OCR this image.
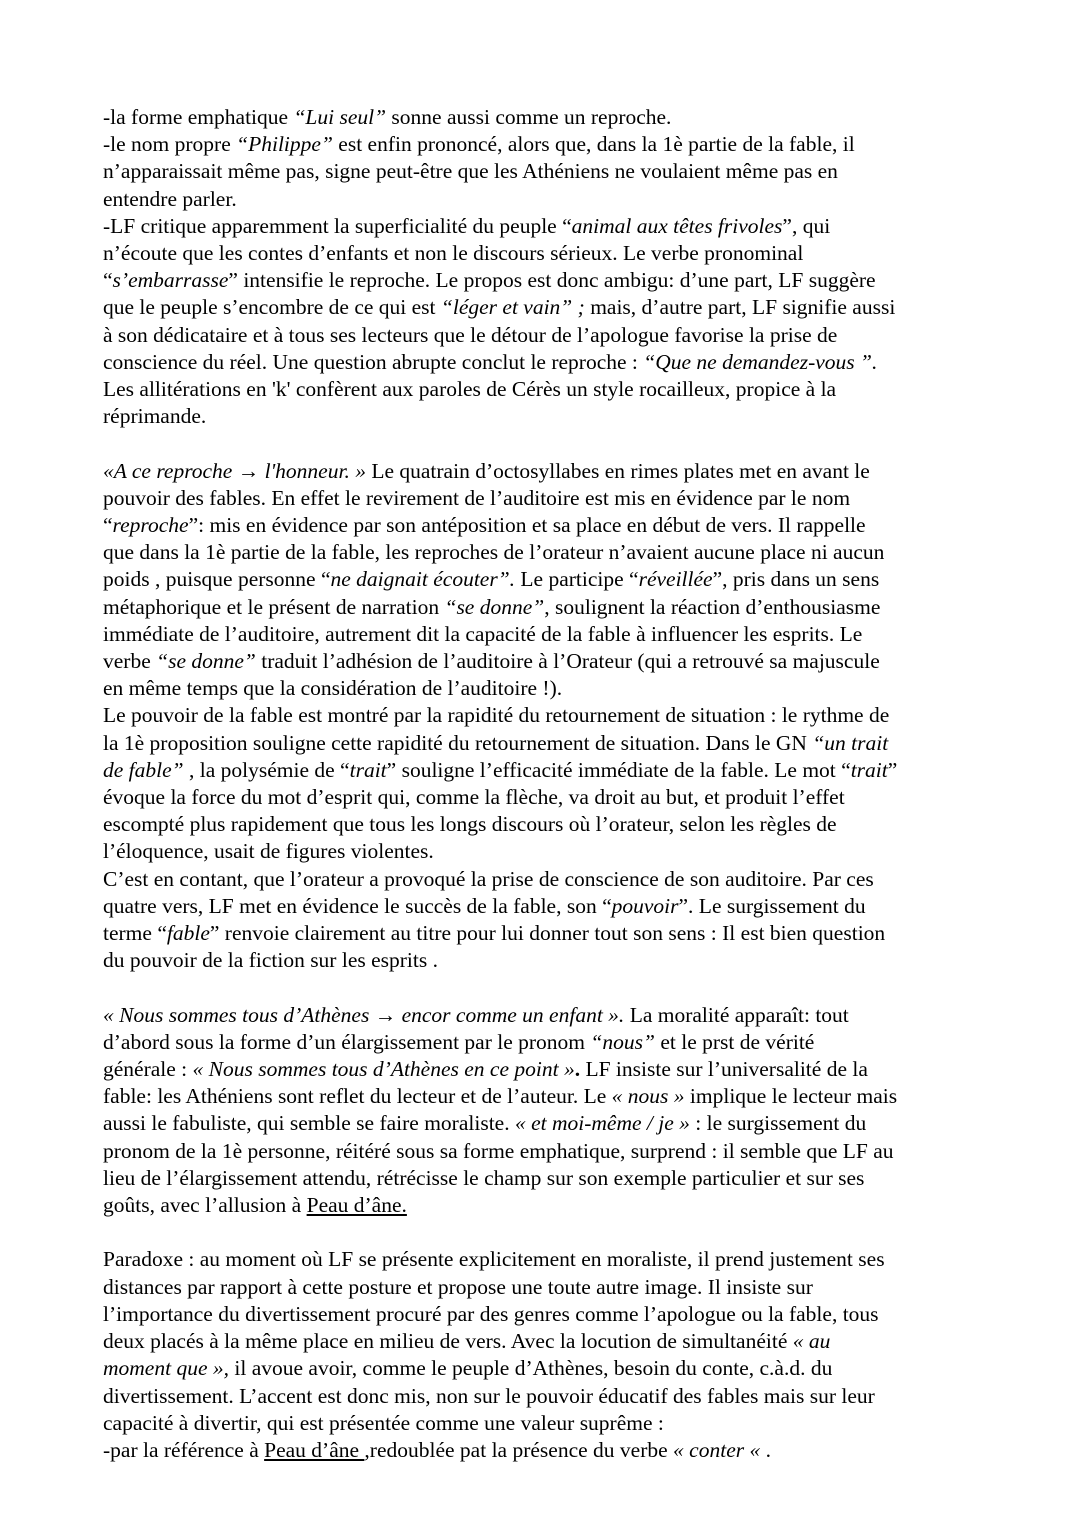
-la forme emphatique “Lui seul” sonne aussi comme un reproche.
-le nom propre “Philippe” est enfin prononcé, alors que, dans la 1è partie de la fable, il
n’apparaissait même pas, signe peut-être que les Athéniens ne voulaient même pas en
entendre parler.
-LF critique apparemment la superficialité du peuple “animal aux têtes frivoles”, qui
n’écoute que les contes d’enfants et non le discours sérieux. Le verbe pronominal
“s’embarrasse” intensifie le reproche. Le propos est donc ambigu: d’une part, LF suggère
que le peuple s’encombre de ce qui est “léger et vain” ; mais, d’autre part, LF signifie aussi
à son dédicataire et à tous ses lecteurs que le détour de l’apologue favorise la prise de
conscience du réel. Une question abrupte conclut le reproche : “Que ne demandez-vous ”.
Les allitérations en 'k' confèrent aux paroles de Cérès un style rocailleux, propice à la
réprimande.
«A ce reproche → l'honneur. » Le quatrain d’octosyllabes en rimes plates met en avant le
pouvoir des fables. En effet le revirement de l’auditoire est mis en évidence par le nom
“reproche”: mis en évidence par son antéposition et sa place en début de vers. Il rappelle
que dans la 1è partie de la fable, les reproches de l’orateur n’avaient aucune place ni aucun
poids , puisque personne “ne daignait écouter”. Le participe “réveillée”, pris dans un sens
métaphorique et le présent de narration “se donne”, soulignent la réaction d’enthousiasme
immédiate de l’auditoire, autrement dit la capacité de la fable à influencer les esprits. Le
verbe “se donne” traduit l’adhésion de l’auditoire à l’Orateur (qui a retrouvé sa majuscule
en même temps que la considération de l’auditoire !).
Le pouvoir de la fable est montré par la rapidité du retournement de situation : le rythme de
la 1è proposition souligne cette rapidité du retournement de situation. Dans le GN “un trait
de fable” , la polysémie de “trait” souligne l’efficacité immédiate de la fable. Le mot “trait”
évoque la force du mot d’esprit qui, comme la flèche, va droit au but, et produit l’effet
escompté plus rapidement que tous les longs discours où l’orateur, selon les règles de
l’éloquence, usait de figures violentes.
C’est en contant, que l’orateur a provoqué la prise de conscience de son auditoire. Par ces
quatre vers, LF met en évidence le succès de la fable, son “pouvoir”. Le surgissement du
terme “fable” renvoie clairement au titre pour lui donner tout son sens : Il est bien question
du pouvoir de la fiction sur les esprits .
« Nous sommes tous d’Athènes → encor comme un enfant ». La moralité apparaît: tout
d’abord sous la forme d’un élargissement par le pronom “nous” et le prst de vérité
générale : « Nous sommes tous d’Athènes en ce point ». LF insiste sur l’universalité de la
fable: les Athéniens sont reflet du lecteur et de l’auteur. Le « nous » implique le lecteur mais
aussi le fabuliste, qui semble se faire moraliste. « et moi-même / je » : le surgissement du
pronom de la 1è personne, réitéré sous sa forme emphatique, surprend : il semble que LF au
lieu de l’élargissement attendu, rétrécisse le champ sur son exemple particulier et sur ses
goûts, avec l’allusion à Peau d’âne.
Paradoxe : au moment où LF se présente explicitement en moraliste, il prend justement ses
distances par rapport à cette posture et propose une toute autre image. Il insiste sur
l’importance du divertissement procuré par des genres comme l’apologue ou la fable, tous
deux placés à la même place en milieu de vers. Avec la locution de simultanéité « au
moment que », il avoue avoir, comme le peuple d’Athènes, besoin du conte, c.à.d. du
divertissement. L’accent est donc mis, non sur le pouvoir éducatif des fables mais sur leur
capacité à divertir, qui est présentée comme une valeur suprême :
-par la référence à Peau d’âne ,redoublée pat la présence du verbe « conter « .
